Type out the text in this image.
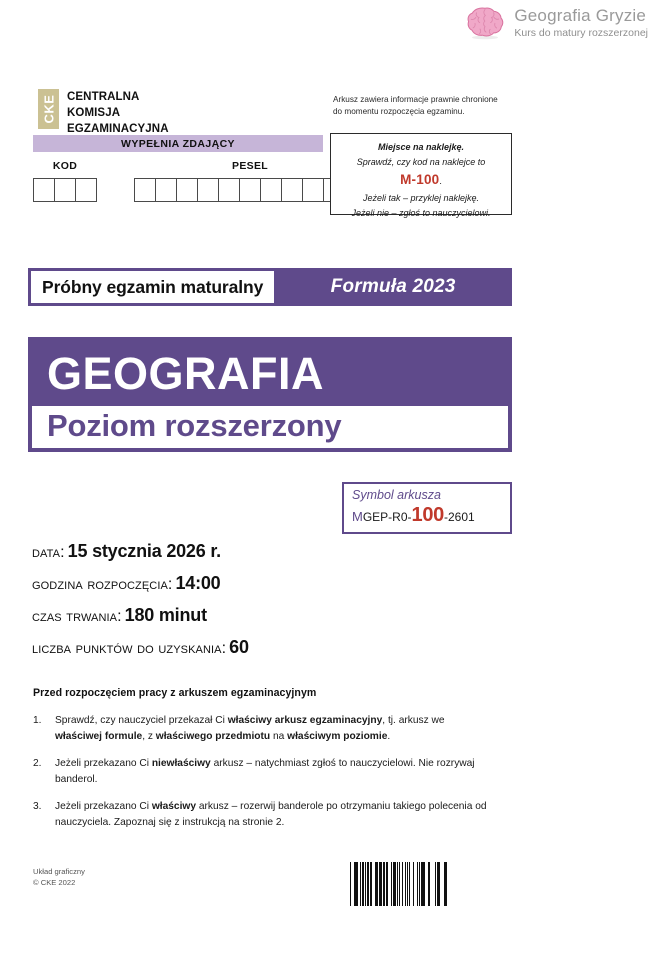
Geografia Gryzie
Kurs do matury rozszerzonej
CKE CENTRALNA
KOMISJA
EGZAMINACYJNA
Arkusz zawiera informacje prawnie chronione
do momentu rozpoczęcia egzaminu.
WYPEŁNIA ZDAJĄCY
KOD	PESEL
Miejsce na naklejkę.
Sprawdź, czy kod na naklejce to
M-100.
Jeżeli tak – przyklej naklejkę.
Jeżeli nie – zgłoś to nauczycielowi.
Próbny egzamin maturalny	Formuła 2023
GEOGRAFIA
Poziom rozszerzony
Symbol arkusza
MGEP-R0-100-2601
data: 15 stycznia 2026 r.
godzina rozpoczęcia: 14:00
czas trwania: 180 minut
liczba punktów do uzyskania: 60
Przed rozpoczęciem pracy z arkuszem egzaminacyjnym
1.	Sprawdź, czy nauczyciel przekazał Ci właściwy arkusz egzaminacyjny, tj. arkusz we właściwej formule, z właściwego przedmiotu na właściwym poziomie.
2.	Jeżeli przekazano Ci niewłaściwy arkusz – natychmiast zgłoś to nauczycielowi. Nie rozrywaj banderol.
3.	Jeżeli przekazano Ci właściwy arkusz – rozerwij banderole po otrzymaniu takiego polecenia od nauczyciela. Zapoznaj się z instrukcją na stronie 2.
Układ graficzny
© CKE 2022
